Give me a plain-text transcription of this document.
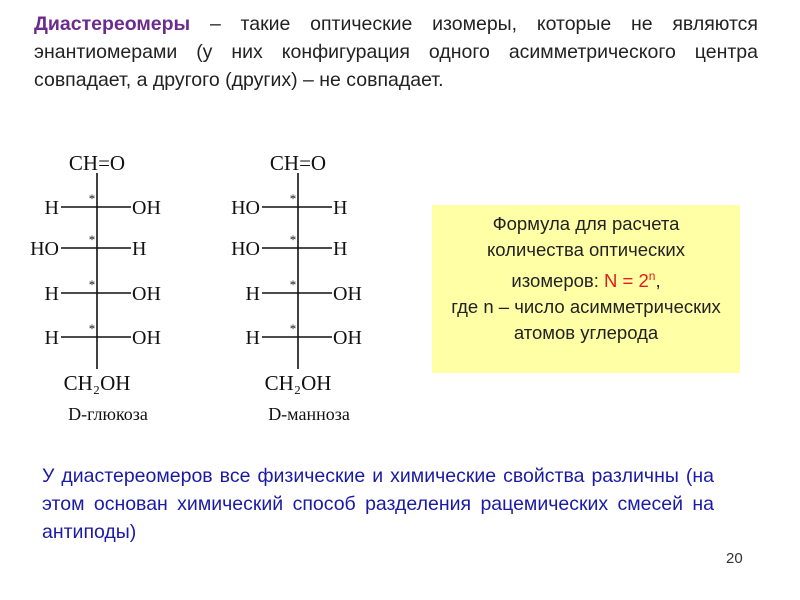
Диастереомеры – такие оптические изомеры, которые не являются энантиомерами (у них конфигурация одного асимметрического центра совпадает, а другого (других) – не совпадает.
CH=O
H	OH
*
HO	H
*
H	OH
*
H	OH
*
CH₂OH
D-глюкоза
CH=O
HO	H
*
HO	H
*
H	OH
*
H	OH
*
CH₂OH
D-манноза
Формула для расчета количества оптических изомеров: $N = 2^n$,
где n – число асимметрических атомов углерода
У диастереомеров все физические и химические свойства различны (на этом основан химический способ разделения рацемических смесей на антиподы)
20
